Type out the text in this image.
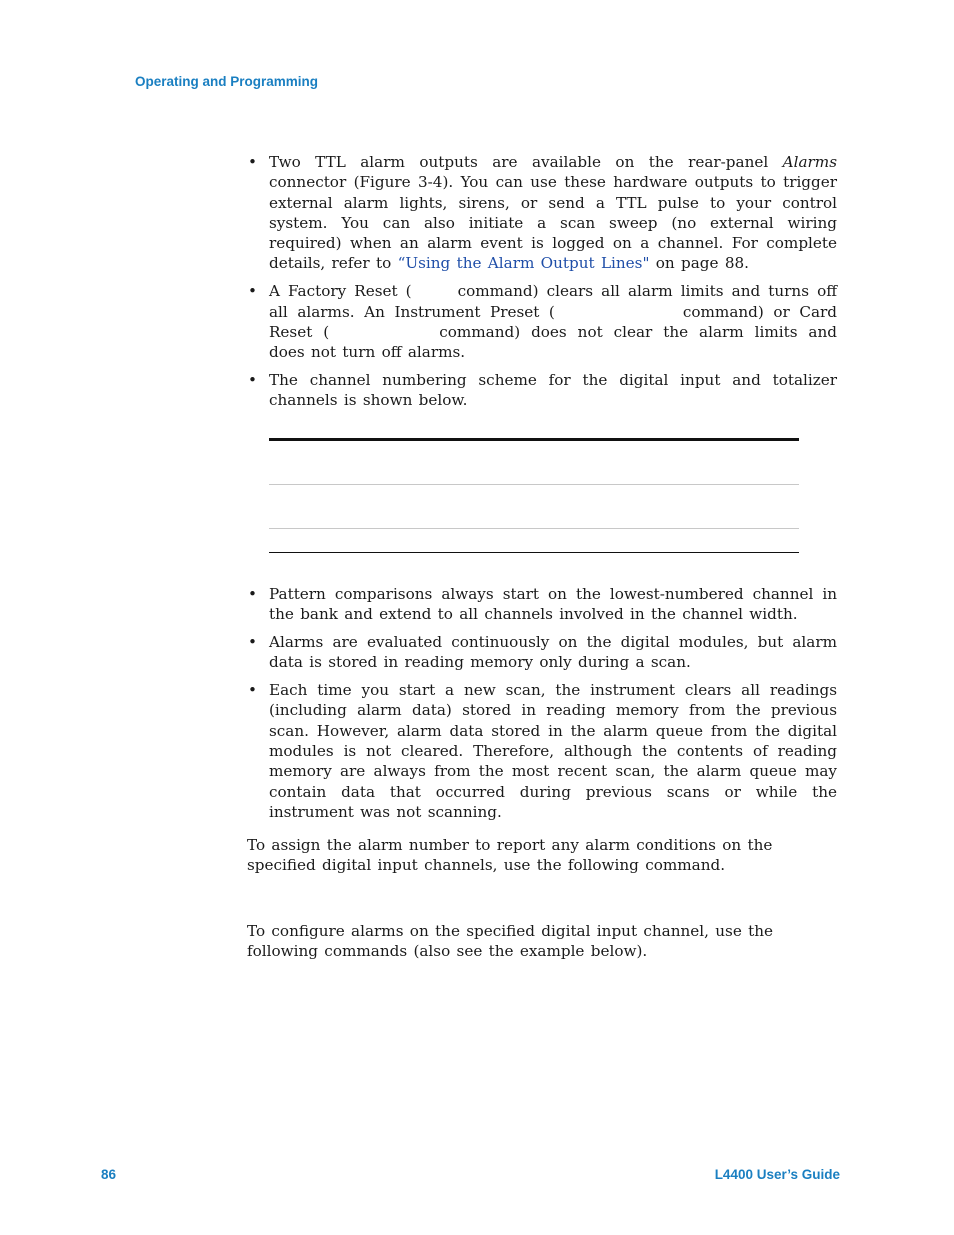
Operating and Programming
• Two TTL alarm outputs are available on the rear-panel Alarms connector (Figure 3-4). You can use these hardware outputs to trigger external alarm lights, sirens, or send a TTL pulse to your control system. You can also initiate a scan sweep (no external wiring required) when an alarm event is logged on a channel. For complete details, refer to “Using the Alarm Output Lines" on page 88.
• A Factory Reset (	command) clears all alarm limits and turns off all alarms. An Instrument Preset (	command) or Card Reset (	command) does not clear the alarm limits and does not turn off alarms.
• The channel numbering scheme for the digital input and totalizer channels is shown below.
• Pattern comparisons always start on the lowest-numbered channel in the bank and extend to all channels involved in the channel width.
• Alarms are evaluated continuously on the digital modules, but alarm data is stored in reading memory only during a scan.
• Each time you start a new scan, the instrument clears all readings (including alarm data) stored in reading memory from the previous scan. However, alarm data stored in the alarm queue from the digital modules is not cleared. Therefore, although the contents of reading memory are always from the most recent scan, the alarm queue may contain data that occurred during previous scans or while the instrument was not scanning.

To assign the alarm number to report any alarm conditions on the specified digital input channels, use the following command.

To configure alarms on the specified digital input channel, use the following commands (also see the example below).

86	L4400 User’s Guide
